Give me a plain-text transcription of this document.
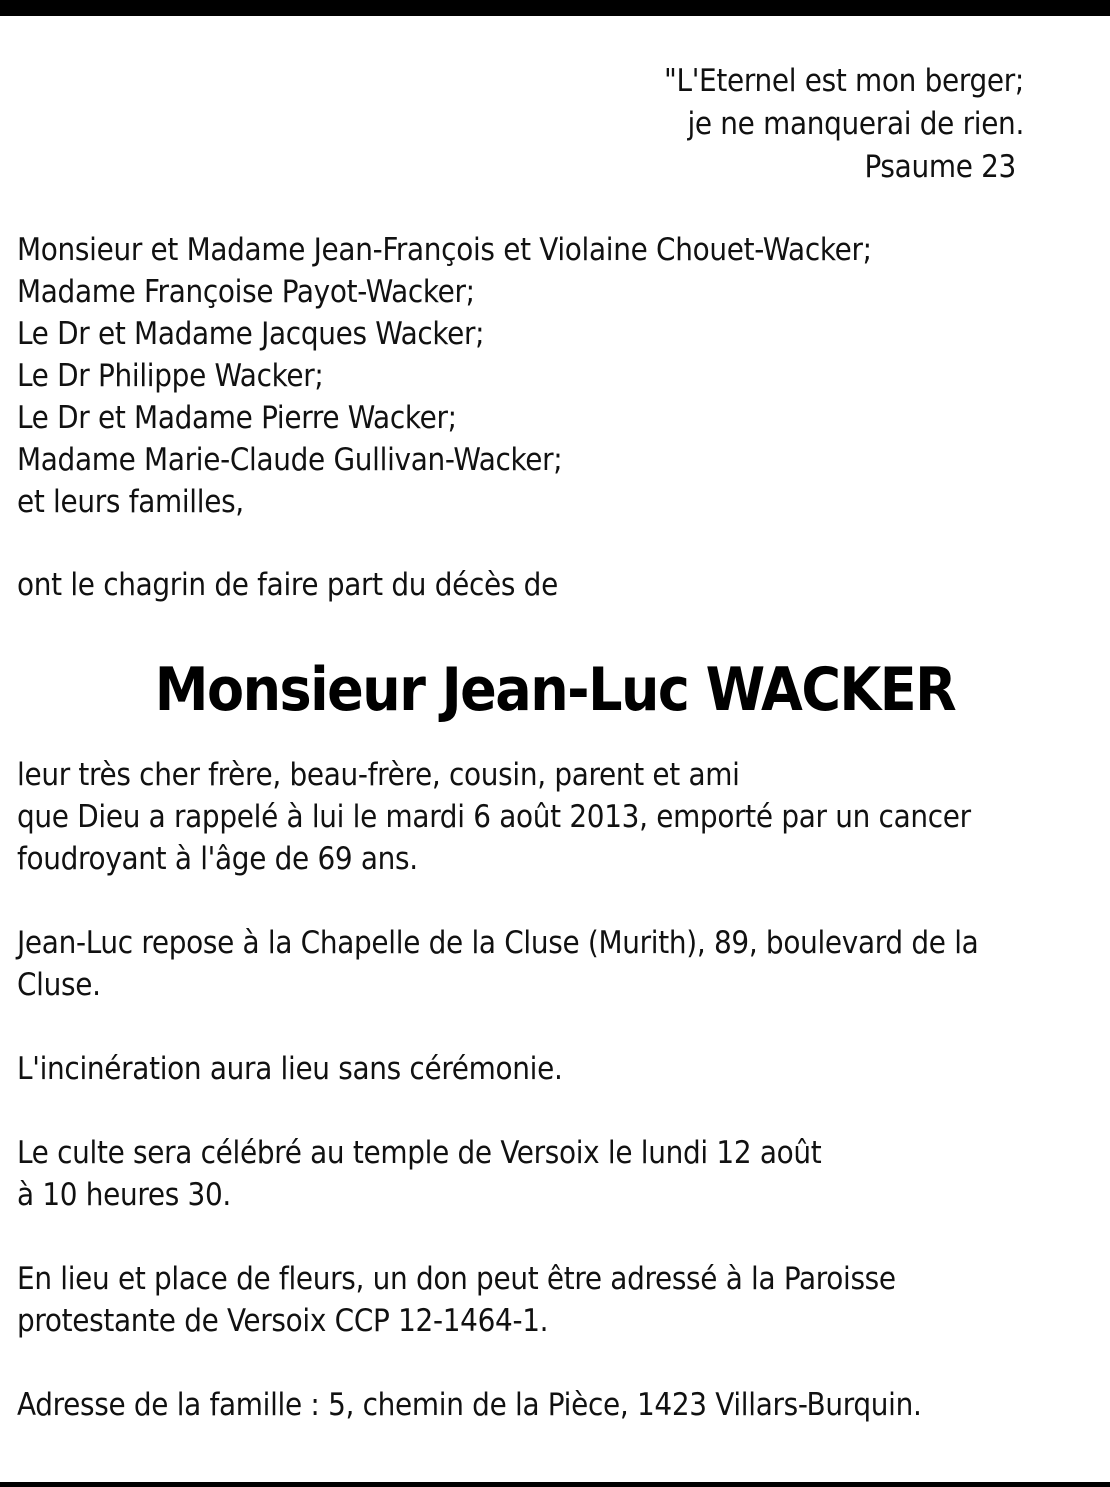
"L'Eternel est mon berger;
je ne manquerai de rien.
Psaume 23
Monsieur et Madame Jean-François et Violaine Chouet-Wacker;
Madame Françoise Payot-Wacker;
Le Dr et Madame Jacques Wacker;
Le Dr Philippe Wacker;
Le Dr et Madame Pierre Wacker;
Madame Marie-Claude Gullivan-Wacker;
et leurs familles,
ont le chagrin de faire part du décès de
Monsieur Jean-Luc WACKER
leur très cher frère, beau-frère, cousin, parent et ami
que Dieu a rappelé à lui le mardi 6 août 2013, emporté par un cancer
foudroyant à l'âge de 69 ans.
Jean-Luc repose à la Chapelle de la Cluse (Murith), 89, boulevard de la
Cluse.
L'incinération aura lieu sans cérémonie.
Le culte sera célébré au temple de Versoix le lundi 12 août
à 10 heures 30.
En lieu et place de fleurs, un don peut être adressé à la Paroisse
protestante de Versoix CCP 12-1464-1.
Adresse de la famille : 5, chemin de la Pièce, 1423 Villars-Burquin.
